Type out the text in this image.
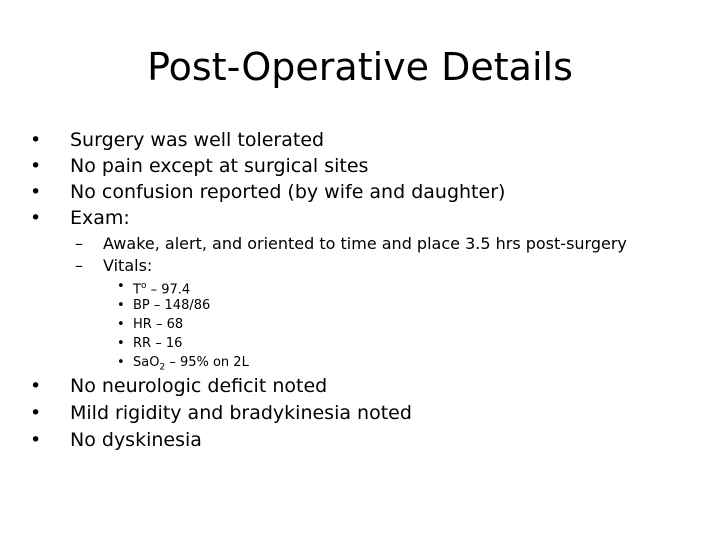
Post-Operative Details
• Surgery was well tolerated
• No pain except at surgical sites
• No confusion reported (by wife and daughter)
• Exam:
– Awake, alert, and oriented to time and place 3.5 hrs post-surgery
– Vitals:
• $T^o - 97.4$
• BP – 148/86
• HR – 68
• RR – 16
• SaO$_2$ – 95% on 2L
• No neurologic deficit noted
• Mild rigidity and bradykinesia noted
• No dyskinesia
